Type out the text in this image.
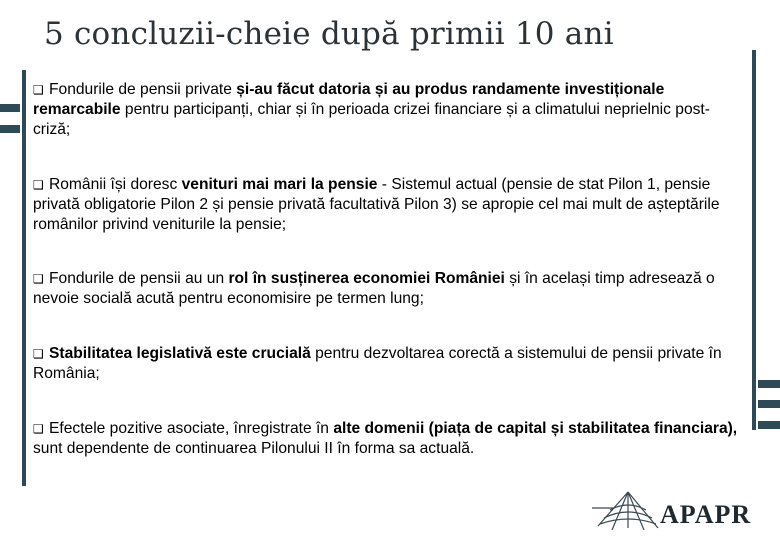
5 concluzii-cheie după primii 10 ani

❑ Fondurile de pensii private și-au făcut datoria și au produs randamente investiționale remarcabile pentru participanți, chiar și în perioada crizei financiare și a climatului neprielnic post-criză;

❑ Românii își doresc venituri mai mari la pensie - Sistemul actual (pensie de stat Pilon 1, pensie privată obligatorie Pilon 2 și pensie privată facultativă Pilon 3) se apropie cel mai mult de așteptările românilor privind veniturile la pensie;

❑ Fondurile de pensii au un rol în susținerea economiei României și în același timp adresează o nevoie socială acută pentru economisire pe termen lung;

❑ Stabilitatea legislativă este crucială pentru dezvoltarea corectă a sistemului de pensii private în România;

❑ Efectele pozitive asociate, înregistrate în alte domenii (piața de capital și stabilitatea financiara), sunt dependente de continuarea Pilonului II în forma sa actuală.

APAPR
